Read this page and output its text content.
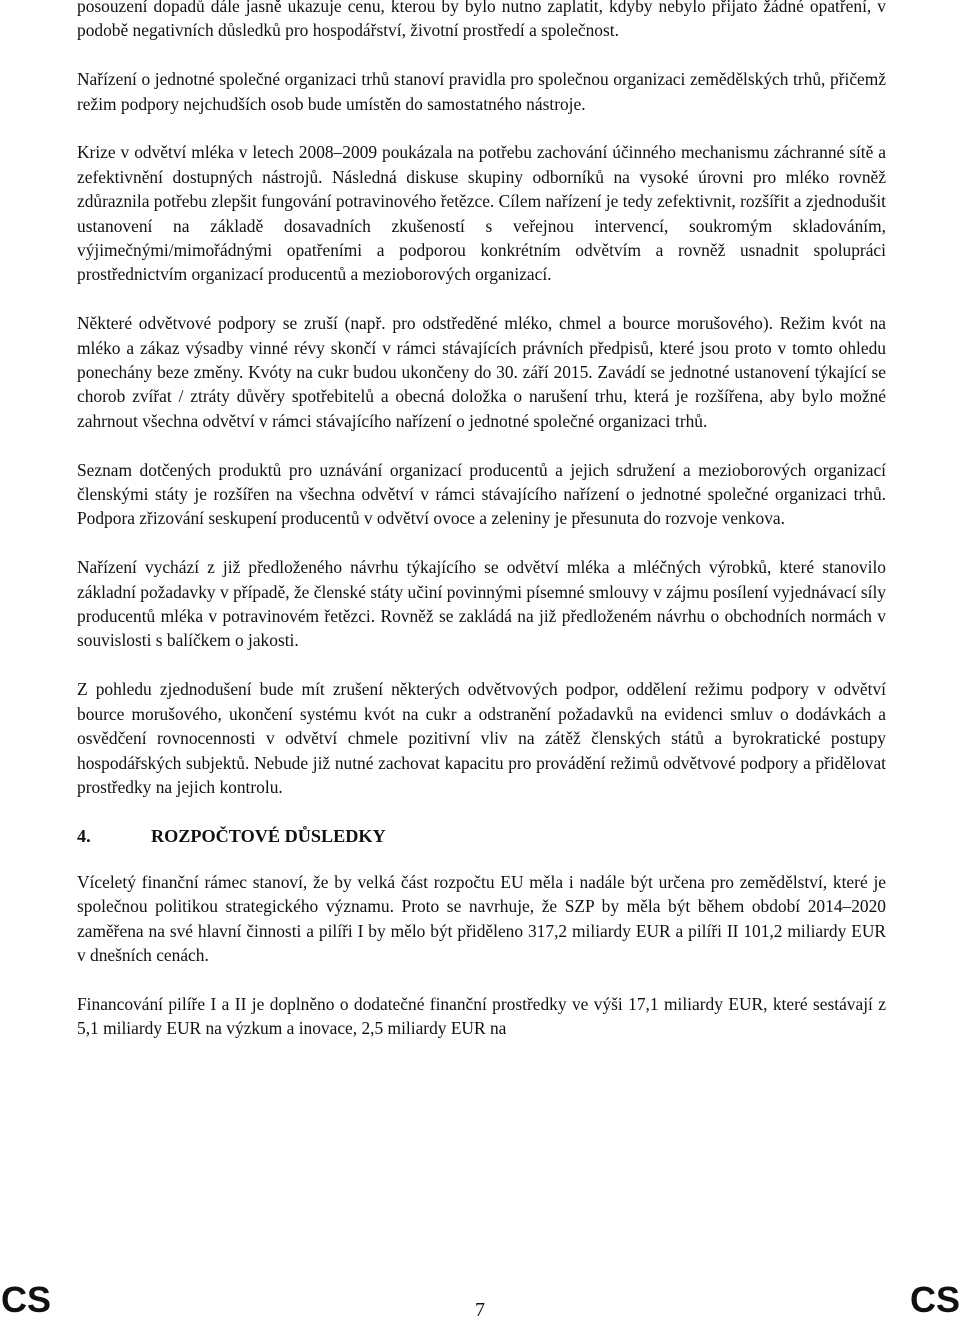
posouzení dopadů dále jasně ukazuje cenu, kterou by bylo nutno zaplatit, kdyby nebylo přijato žádné opatření, v podobě negativních důsledků pro hospodářství, životní prostředí a společnost.

Nařízení o jednotné společné organizaci trhů stanoví pravidla pro společnou organizaci zemědělských trhů, přičemž režim podpory nejchudších osob bude umístěn do samostatného nástroje.

Krize v odvětví mléka v letech 2008–2009 poukázala na potřebu zachování účinného mechanismu záchranné sítě a zefektivnění dostupných nástrojů. Následná diskuse skupiny odborníků na vysoké úrovni pro mléko rovněž zdůraznila potřebu zlepšit fungování potravinového řetězce. Cílem nařízení je tedy zefektivnit, rozšířit a zjednodušit ustanovení na základě dosavadních zkušeností s veřejnou intervencí, soukromým skladováním, výjimečnými/mimořádnými opatřeními a podporou konkrétním odvětvím a rovněž usnadnit spolupráci prostřednictvím organizací producentů a mezioborových organizací.

Některé odvětvové podpory se zruší (např. pro odstředěné mléko, chmel a bource morušového). Režim kvót na mléko a zákaz výsadby vinné révy skončí v rámci stávajících právních předpisů, které jsou proto v tomto ohledu ponechány beze změny. Kvóty na cukr budou ukončeny do 30. září 2015. Zavádí se jednotné ustanovení týkající se chorob zvířat / ztráty důvěry spotřebitelů a obecná doložka o narušení trhu, která je rozšířena, aby bylo možné zahrnout všechna odvětví v rámci stávajícího nařízení o jednotné společné organizaci trhů.

Seznam dotčených produktů pro uznávání organizací producentů a jejich sdružení a mezioborových organizací členskými státy je rozšířen na všechna odvětví v rámci stávajícího nařízení o jednotné společné organizaci trhů. Podpora zřizování seskupení producentů v odvětví ovoce a zeleniny je přesunuta do rozvoje venkova.

Nařízení vychází z již předloženého návrhu týkajícího se odvětví mléka a mléčných výrobků, které stanovilo základní požadavky v případě, že členské státy učiní povinnými písemné smlouvy v zájmu posílení vyjednávací síly producentů mléka v potravinovém řetězci. Rovněž se zakládá na již předloženém návrhu o obchodních normách v souvislosti s balíčkem o jakosti.

Z pohledu zjednodušení bude mít zrušení některých odvětvových podpor, oddělení režimu podpory v odvětví bource morušového, ukončení systému kvót na cukr a odstranění požadavků na evidenci smluv o dodávkách a osvědčení rovnocennosti v odvětví chmele pozitivní vliv na zátěž členských států a byrokratické postupy hospodářských subjektů. Nebude již nutné zachovat kapacitu pro provádění režimů odvětvové podpory a přidělovat prostředky na jejich kontrolu.

4.	ROZPOČTOVÉ DŮSLEDKY

Víceletý finanční rámec stanoví, že by velká část rozpočtu EU měla i nadále být určena pro zemědělství, které je společnou politikou strategického významu. Proto se navrhuje, že SZP by měla být během období 2014–2020 zaměřena na své hlavní činnosti a pilíři I by mělo být přiděleno 317,2 miliardy EUR a pilíři II 101,2 miliardy EUR v dnešních cenách.

Financování pilíře I a II je doplněno o dodatečné finanční prostředky ve výši 17,1 miliardy EUR, které sestávají z 5,1 miliardy EUR na výzkum a inovace, 2,5 miliardy EUR na

CS	7	CS
